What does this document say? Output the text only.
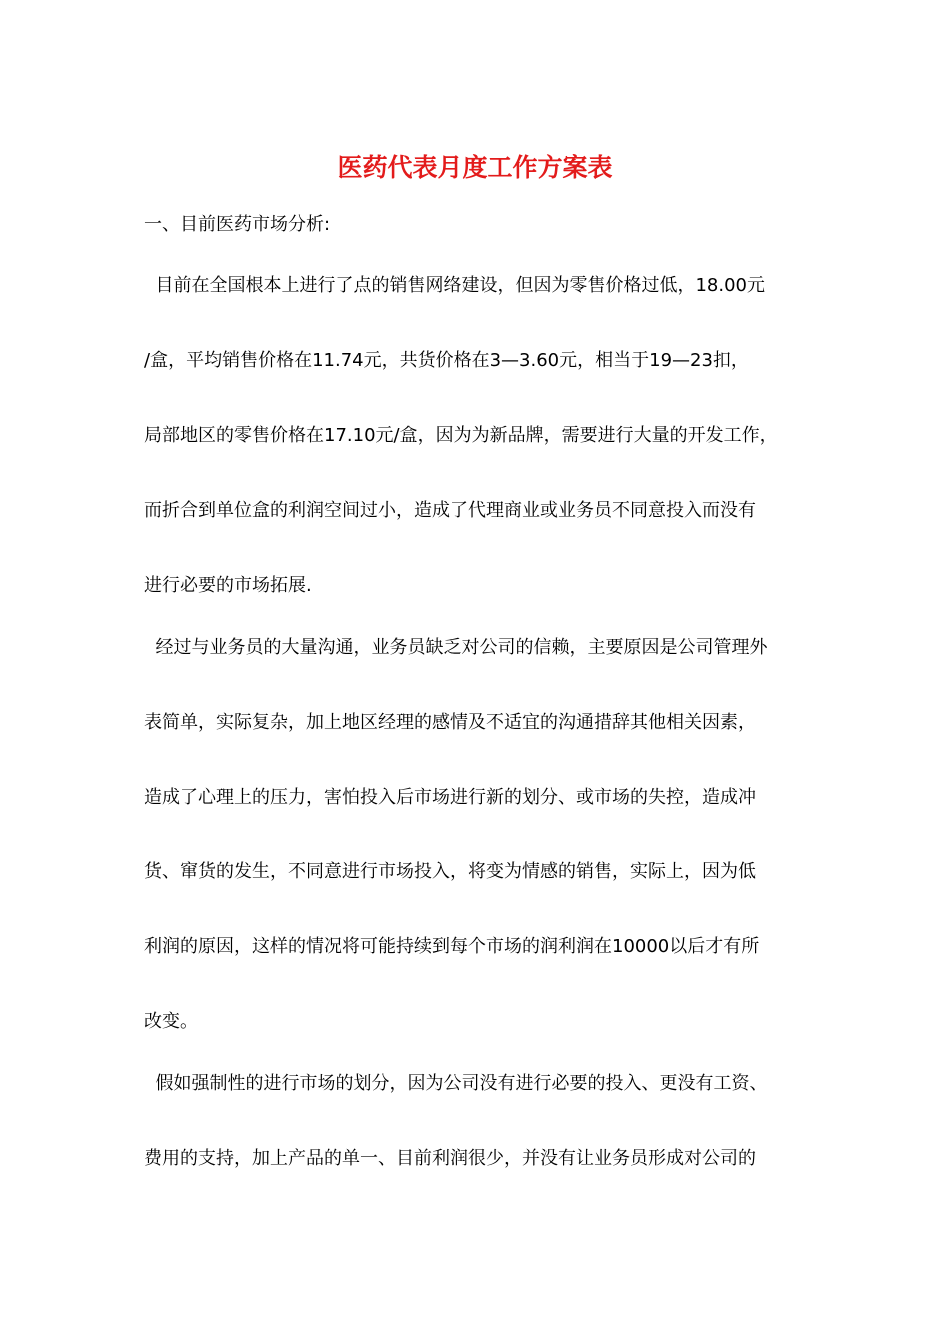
医药代表月度工作方案表

一、目前医药市场分析:

目前在全国根本上进行了点的销售网络建设，但因为零售价格过低，18.00元

/盒，平均销售价格在11.74元，共货价格在3—3.60元，相当于19—23扣，

局部地区的零售价格在17.10元/盒，因为为新品牌，需要进行大量的开发工作，

而折合到单位盒的利润空间过小，造成了代理商业或业务员不同意投入而没有

进行必要的市场拓展.

经过与业务员的大量沟通，业务员缺乏对公司的信赖，主要原因是公司管理外

表简单，实际复杂，加上地区经理的感情及不适宜的沟通措辞其他相关因素，

造成了心理上的压力，害怕投入后市场进行新的划分、或市场的失控，造成冲

货、窜货的发生，不同意进行市场投入，将变为情感的销售，实际上，因为低

利润的原因，这样的情况将可能持续到每个市场的润利润在10000以后才有所

改变。

假如强制性的进行市场的划分，因为公司没有进行必要的投入、更没有工资、

费用的支持，加上产品的单一、目前利润很少，并没有让业务员形成对公司的
